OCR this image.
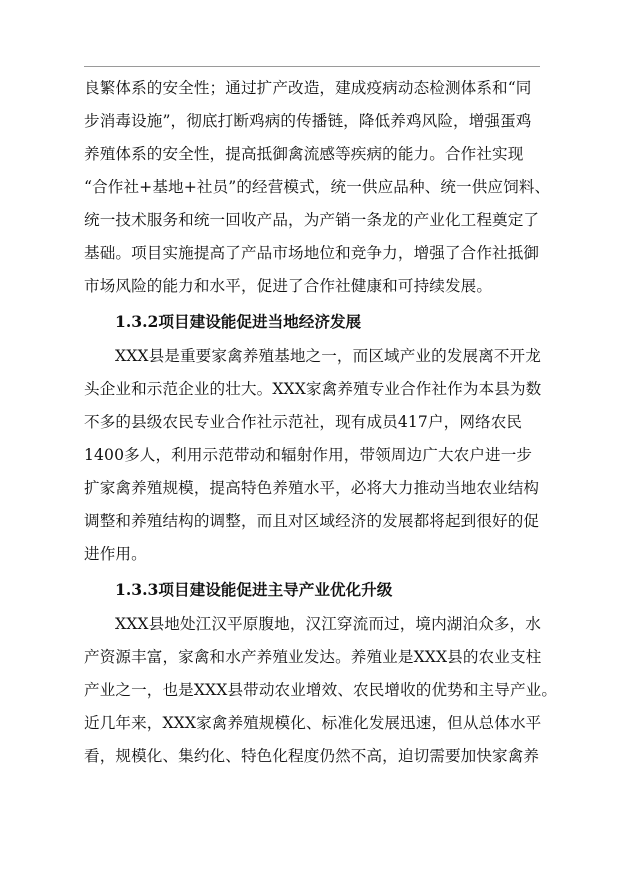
良繁体系的安全性；通过扩产改造，建成疫病动态检测体系和“同
步消毒设施”，彻底打断鸡病的传播链，降低养鸡风险，增强蛋鸡
养殖体系的安全性，提高抵御禽流感等疾病的能力。合作社实现
“合作社+基地+社员”的经营模式，统一供应品种、统一供应饲料、
统一技术服务和统一回收产品，为产销一条龙的产业化工程奠定了
基础。项目实施提高了产品市场地位和竞争力，增强了合作社抵御
市场风险的能力和水平，促进了合作社健康和可持续发展。
1.3.2项目建设能促进当地经济发展
XXX县是重要家禽养殖基地之一，而区域产业的发展离不开龙
头企业和示范企业的壮大。XXX家禽养殖专业合作社作为本县为数
不多的县级农民专业合作社示范社，现有成员417户，网络农民
1400多人，利用示范带动和辐射作用，带领周边广大农户进一步
扩家禽养殖规模，提高特色养殖水平，必将大力推动当地农业结构
调整和养殖结构的调整，而且对区域经济的发展都将起到很好的促
进作用。
1.3.3项目建设能促进主导产业优化升级
XXX县地处江汉平原腹地，汉江穿流而过，境内湖泊众多，水
产资源丰富，家禽和水产养殖业发达。养殖业是XXX县的农业支柱
产业之一，也是XXX县带动农业增效、农民增收的优势和主导产业。
近几年来，XXX家禽养殖规模化、标准化发展迅速，但从总体水平
看，规模化、集约化、特色化程度仍然不高，迫切需要加快家禽养
